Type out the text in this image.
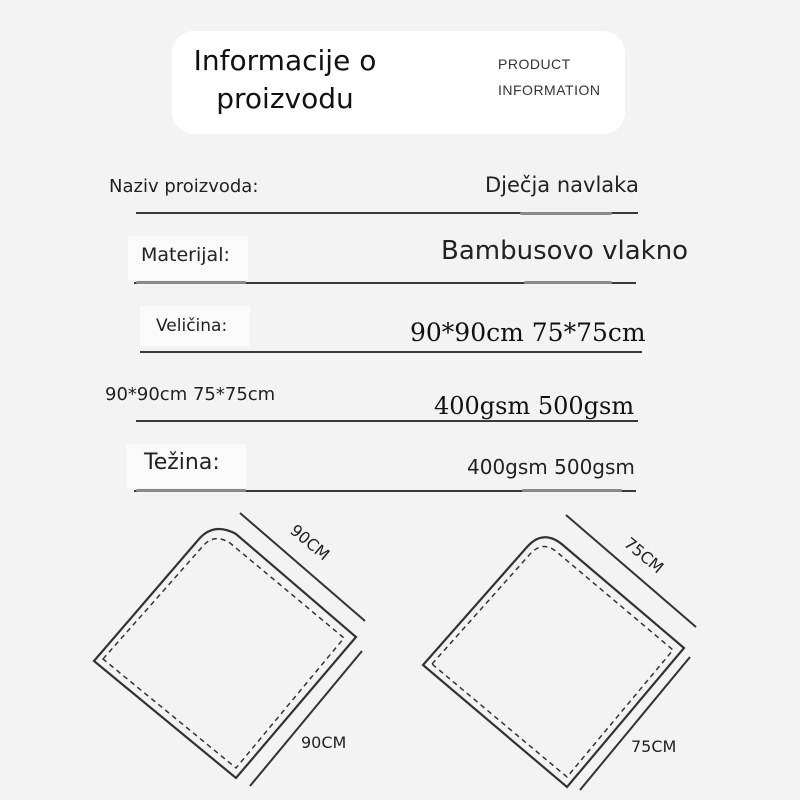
Informacije o
proizvodu
PRODUCT
INFORMATION
Naziv proizvoda:	Dječja navlaka
Materijal:	Bambusovo vlakno
Veličina:	90*90cm 75*75cm
90*90cm 75*75cm	400gsm 500gsm
Težina:	400gsm 500gsm
90CM
90CM
75CM
75CM
